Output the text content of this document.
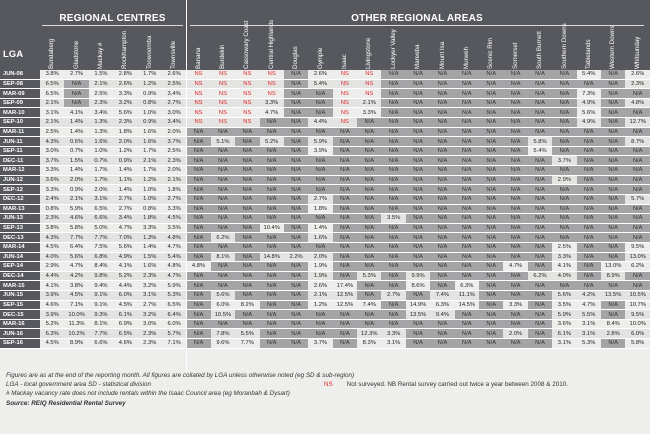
REGIONAL CENTRES	OTHER REGIONAL AREAS
LGA	Bundaberg	Gladstone	Mackay #	Rockhampton	Toowoomba	Townsville	Banana	Burdekin	Cassowary Coast	Central Highlands	Douglas	Gympie	Isaac	Livingstone	Lockyer Valley	Mareeba	Mount Isa	Murweh	Scenic Rim	Somerset	South Burnett	Southern Downs	Tablelands	Western Downs	Whitsunday
JUN-08	3.8%	2.7%	1.5%	2.8%	1.7%	2.6%	NS	NS	NS	NS	N/A	2.6%	NS	NS	N/A	N/A	N/A	N/A	N/A	N/A	N/A	N/A	5.4%	N/A	2.6%
SEP-08	6.5%	N/A	2.1%	2.6%	1.2%	2.5%	NS	NS	NS	NS	N/A	5.4%	NS	NS	N/A	N/A	N/A	N/A	N/A	N/A	N/A	N/A	N/A	N/A	2.3%
MAR-09	6.5%	N/A	2.5%	3.3%	0.9%	3.4%	NS	NS	NS	NS	N/A	N/A	NS	NS	N/A	N/A	N/A	N/A	N/A	N/A	N/A	N/A	7.3%	N/A	N/A
SEP-09	2.1%	N/A	2.3%	3.2%	0.8%	2.7%	NS	NS	NS	3.3%	N/A	N/A	NS	2.1%	N/A	N/A	N/A	N/A	N/A	N/A	N/A	N/A	4.9%	N/A	4.8%
MAR-10	3.1%	4.1%	3.4%	5.6%	1.0%	3.0%	NS	NS	NS	4.7%	N/A	N/A	NS	3.3%	N/A	N/A	N/A	N/A	N/A	N/A	N/A	N/A	5.6%	N/A	N/A
SEP-10	2.1%	1.4%	1.3%	2.3%	0.9%	3.4%	NS	NS	NS	N/A	N/A	4.4%	NS	N/A	N/A	N/A	N/A	N/A	N/A	N/A	N/A	N/A	4.9%	N/A	12.7%
MAR-11	2.5%	1.4%	1.3%	1.8%	1.6%	2.0%	N/A	N/A	N/A	N/A	N/A	N/A	N/A	N/A	N/A	N/A	N/A	N/A	N/A	N/A	N/A	N/A	N/A	N/A	N/A
JUN-11	4.3%	0.6%	1.6%	2.0%	1.6%	3.7%	N/A	5.1%	N/A	5.2%	N/A	5.9%	N/A	N/A	N/A	N/A	N/A	N/A	N/A	N/A	5.8%	N/A	N/A	N/A	8.7%
SEP-11	3.0%	0.7%	1.0%	1.2%	1.7%	2.5%	N/A	N/A	N/A	N/A	N/A	3.9%	N/A	N/A	N/A	N/A	N/A	N/A	N/A	N/A	5.4%	N/A	N/A	N/A	N/A
DEC-11	3.7%	1.5%	0.7%	0.9%	2.1%	2.3%	N/A	N/A	N/A	N/A	N/A	N/A	N/A	N/A	N/A	N/A	N/A	N/A	N/A	N/A	N/A	3.7%	N/A	N/A	N/A
MAR-12	3.3%	1.4%	1.7%	1.4%	1.7%	2.0%	N/A	N/A	N/A	N/A	N/A	N/A	N/A	N/A	N/A	N/A	N/A	N/A	N/A	N/A	N/A	N/A	N/A	N/A	N/A
JUN-12	3.6%	2.0%	1.7%	1.1%	1.2%	2.1%	N/A	N/A	N/A	N/A	N/A	N/A	N/A	N/A	N/A	N/A	N/A	N/A	N/A	N/A	N/A	2.9%	N/A	N/A	N/A
SEP-12	3.3%	0.9%	2.0%	1.4%	1.0%	1.8%	N/A	N/A	N/A	N/A	N/A	N/A	N/A	N/A	N/A	N/A	N/A	N/A	N/A	N/A	N/A	N/A	N/A	N/A	N/A
DEC-12	2.4%	2.1%	3.1%	2.7%	1.0%	2.7%	N/A	N/A	N/A	N/A	N/A	2.7%	N/A	N/A	N/A	N/A	N/A	N/A	N/A	N/A	N/A	N/A	N/A	N/A	5.7%
MAR-13	0.8%	5.9%	6.5%	2.7%	0.8%	3.3%	N/A	N/A	N/A	N/A	N/A	1.8%	N/A	N/A	N/A	N/A	N/A	N/A	N/A	N/A	N/A	N/A	N/A	N/A	N/A
JUN-13	2.3%	4.6%	6.6%	3.4%	1.8%	4.5%	N/A	N/A	N/A	N/A	N/A	N/A	N/A	N/A	3.5%	N/A	N/A	N/A	N/A	N/A	N/A	N/A	N/A	N/A	N/A
SEP-13	3.8%	5.8%	5.0%	4.7%	3.3%	3.5%	N/A	N/A	N/A	10.4%	N/A	1.4%	N/A	N/A	N/A	N/A	N/A	N/A	N/A	N/A	N/A	N/A	N/A	N/A	N/A
DEC-13	4.3%	7.7%	7.7%	7.0%	1.3%	4.8%	N/A	6.2%	N/A	N/A	N/A	1.6%	N/A	N/A	N/A	N/A	N/A	N/A	N/A	N/A	N/A	N/A	N/A	N/A	N/A
MAR-14	4.5%	6.4%	7.5%	5.6%	1.4%	4.7%	N/A	N/A	N/A	N/A	N/A	N/A	N/A	N/A	N/A	N/A	N/A	N/A	N/A	N/A	N/A	2.5%	N/A	N/A	9.5%
JUN-14	4.0%	5.6%	6.8%	4.9%	1.5%	5.4%	N/A	8.1%	N/A	14.8%	2.2%	2.0%	N/A	N/A	N/A	N/A	N/A	N/A	N/A	N/A	N/A	3.3%	N/A	N/A	13.0%
SEP-14	2.9%	4.7%	8.4%	4.1%	1.6%	4.8%	4.8%	N/A	N/A	N/A	N/A	1.9%	N/A	N/A	N/A	N/A	N/A	N/A	N/A	4.7%	N/A	4.1%	N/A	13.0%	6.2%
DEC-14	4.4%	4.2%	9.8%	5.2%	2.3%	4.7%	N/A	N/A	N/A	N/A	N/A	1.9%	N/A	5.3%	N/A	9.9%	N/A	N/A	N/A	N/A	6.2%	4.0%	N/A	8.9%	N/A
MAR-15	4.1%	3.8%	9.4%	4.4%	3.2%	5.9%	N/A	N/A	N/A	N/A	N/A	2.6%	17.4%	N/A	N/A	8.6%	N/A	6.3%	N/A	N/A	N/A	N/A	N/A	N/A	N/A
JUN-15	3.9%	4.5%	9.1%	6.0%	3.1%	5.3%	N/A	5.6%	N/A	N/A	N/A	2.1%	12.5%	N/A	2.7%	N/A	7.4%	11.1%	N/A	N/A	N/A	5.6%	4.2%	13.5%	10.5%
SEP-15	4.6%	7.1%	9.1%	4.5%	2.7%	6.5%	N/A	6.0%	8.2%	N/A	N/A	1.2%	12.5%	7.4%	N/A	14.9%	6.3%	14.5%	N/A	3.3%	N/A	3.5%	4.7%	N/A	10.7%
DEC-15	3.9%	10.0%	9.3%	6.1%	3.2%	6.4%	N/A	10.5%	N/A	N/A	N/A	N/A	N/A	N/A	N/A	13.5%	9.4%	N/A	N/A	N/A	N/A	5.9%	5.5%	N/A	9.5%
MAR-16	5.2%	11.3%	8.1%	6.9%	3.0%	6.0%	N/A	N/A	N/A	N/A	N/A	N/A	N/A	N/A	N/A	N/A	N/A	N/A	N/A	N/A	N/A	3.6%	3.1%	8.4%	10.0%
JUN-16	6.3%	10.2%	7.7%	6.5%	2.3%	5.7%	N/A	7.8%	5.5%	N/A	N/A	N/A	N/A	12.3%	3.3%	N/A	N/A	N/A	N/A	2.0%	N/A	6.1%	3.1%	2.8%	6.0%
SEP-16	4.5%	8.9%	6.6%	4.6%	2.3%	7.1%	N/A	9.6%	7.7%	N/A	N/A	3.7%	N/A	8.3%	3.1%	N/A	N/A	N/A	N/A	N/A	N/A	3.1%	5.3%	N/A	5.8%
Figures are as at the end of the reporting month. All figures are collated by LGA unless otherwise noted (eg SD & sub-region)
LGA - local government area SD - statistical division	NS Not surveyed. NB Rental survey carried out twice a year between 2008 & 2010.
# Mackay vacancy rate does not include rentals within the Isaac Council area (eg Moranbah & Dysart)
Source: REIQ Residential Rental Survey
